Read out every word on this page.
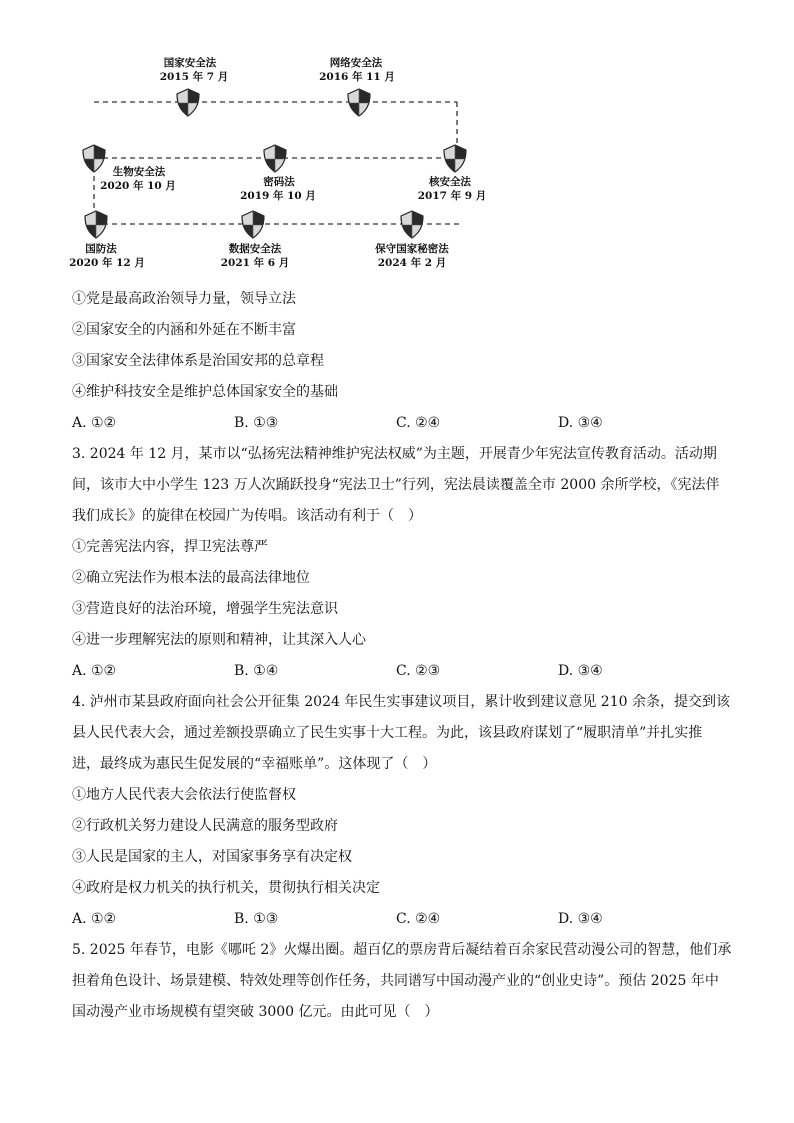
国家安全法
2015 年 7 月
网络安全法
2016 年 11 月
生物安全法
2020 年 10 月	密码法
2019 年 10 月
核安全法
2017 年 9 月
国防法
2020 年 12 月
数据安全法
2021 年 6 月
保守国家秘密法
2024 年 2 月
①党是最高政治领导力量，领导立法
②国家安全的内涵和外延在不断丰富
③国家安全法律体系是治国安邦的总章程
④维护科技安全是维护总体国家安全的基础
A. ①②	B. ①③	C. ②④	D. ③④
3. 2024 年 12 月，某市以“弘扬宪法精神维护宪法权威”为主题，开展青少年宪法宣传教育活动。活动期
间，该市大中小学生 123 万人次踊跃投身“宪法卫士”行列，宪法晨读覆盖全市 2000 余所学校，《宪法伴
我们成长》的旋律在校园广为传唱。该活动有利于（　）
①完善宪法内容，捍卫宪法尊严
②确立宪法作为根本法的最高法律地位
③营造良好的法治环境，增强学生宪法意识
④进一步理解宪法的原则和精神，让其深入人心
A. ①②	B. ①④	C. ②③	D. ③④
4. 泸州市某县政府面向社会公开征集 2024 年民生实事建议项目，累计收到建议意见 210 余条，提交到该
县人民代表大会，通过差额投票确立了民生实事十大工程。为此，该县政府谋划了“履职清单”并扎实推
进，最终成为惠民生促发展的“幸福账单”。这体现了（　）
①地方人民代表大会依法行使监督权
②行政机关努力建设人民满意的服务型政府
③人民是国家的主人，对国家事务享有决定权
④政府是权力机关的执行机关，贯彻执行相关决定
A. ①②	B. ①③	C. ②④	D. ③④
5. 2025 年春节，电影《哪吒 2》火爆出圈。超百亿的票房背后凝结着百余家民营动漫公司的智慧，他们承
担着角色设计、场景建模、特效处理等创作任务，共同谱写中国动漫产业的“创业史诗”。预估 2025 年中
国动漫产业市场规模有望突破 3000 亿元。由此可见（　）
